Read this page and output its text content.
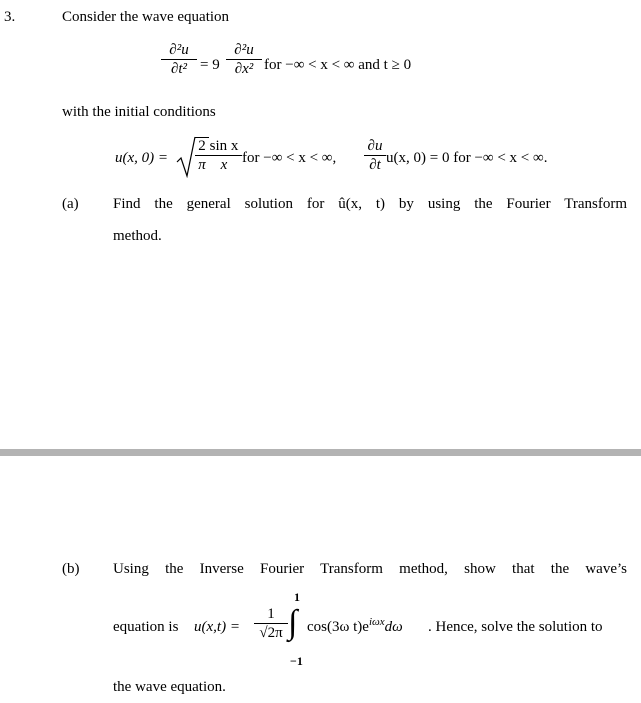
3.	Consider the wave equation
∂²u
∂t² = 9
∂²u
∂x² for −∞ < x < ∞ and t ≥ 0
with the initial conditions
u(x, 0) =
2
π
sin x
x for −∞ < x < ∞,
∂u
∂t u(x, 0) = 0 for −∞ < x < ∞.
(a) Find the general solution for û(x, t) by using the Fourier Transform
method.
(b) Using the Inverse Fourier Transform method, show that the wave’s
equation is u(x,t) =
1
√2π
1
∫
−1
cos(3ω $t)e^{i\omega x}d\omega$ . Hence, solve the solution to
the wave equation.
